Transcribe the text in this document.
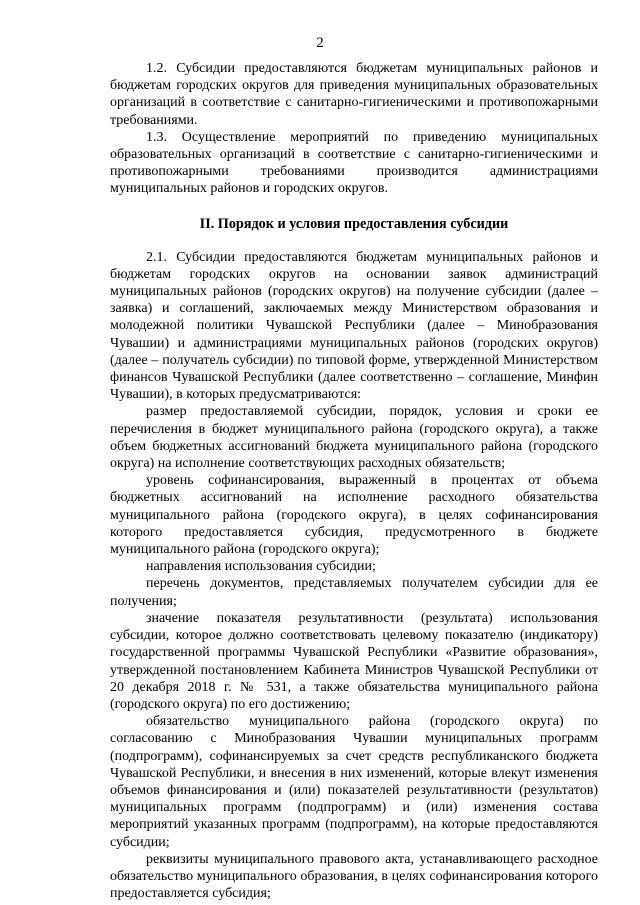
2

1.2. Субсидии предоставляются бюджетам муниципальных районов и бюджетам городских округов для приведения муниципальных образовательных организаций в соответствие с санитарно-гигиеническими и противопожарными требованиями.

1.3. Осуществление мероприятий по приведению муниципальных образовательных организаций в соответствие с санитарно-гигиеническими и противопожарными требованиями производится администрациями муниципальных районов и городских округов.

II. Порядок и условия предоставления субсидии

2.1. Субсидии предоставляются бюджетам муниципальных районов и бюджетам городских округов на основании заявок администраций муниципальных районов (городских округов) на получение субсидии (далее – заявка) и соглашений, заключаемых между Министерством образования и молодежной политики Чувашской Республики (далее – Минобразования Чувашии) и администрациями муниципальных районов (городских округов) (далее – получатель субсидии) по типовой форме, утвержденной Министерством финансов Чувашской Республики (далее соответственно – соглашение, Минфин Чувашии), в которых предусматриваются:

размер предоставляемой субсидии, порядок, условия и сроки ее перечисления в бюджет муниципального района (городского округа), а также объем бюджетных ассигнований бюджета муниципального района (городского округа) на исполнение соответствующих расходных обязательств;

уровень софинансирования, выраженный в процентах от объема бюджетных ассигнований на исполнение расходного обязательства муниципального района (городского округа), в целях софинансирования которого предоставляется субсидия, предусмотренного в бюджете муниципального района (городского округа);

направления использования субсидии;

перечень документов, представляемых получателем субсидии для ее получения;

значение показателя результативности (результата) использования субсидии, которое должно соответствовать целевому показателю (индикатору) государственной программы Чувашской Республики «Развитие образования», утвержденной постановлением Кабинета Министров Чувашской Республики от 20 декабря 2018 г. № 531, а также обязательства муниципального района (городского округа) по его достижению;

обязательство муниципального района (городского округа) по согласованию с Минобразования Чувашии муниципальных программ (подпрограмм), софинансируемых за счет средств республиканского бюджета Чувашской Республики, и внесения в них изменений, которые влекут изменения объемов финансирования и (или) показателей результативности (результатов) муниципальных программ (подпрограмм) и (или) изменения состава мероприятий указанных программ (подпрограмм), на которые предоставляются субсидии;

реквизиты муниципального правового акта, устанавливающего расходное обязательство муниципального образования, в целях софинансирования которого предоставляется субсидия;
